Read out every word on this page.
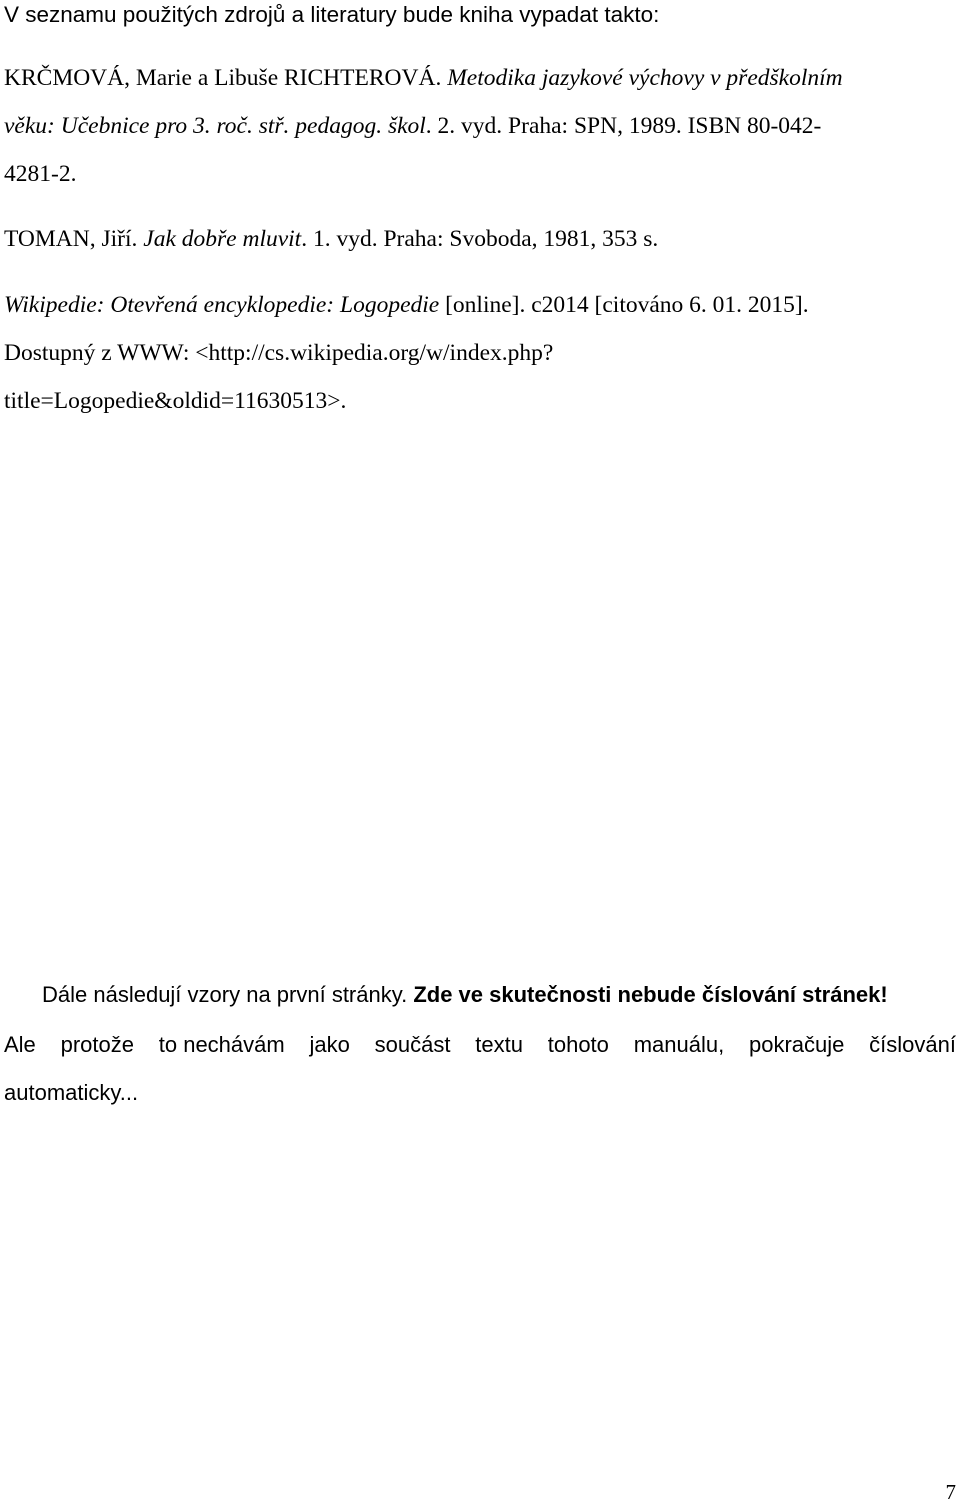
V seznamu použitých zdrojů a literatury bude kniha vypadat takto:
KRČMOVÁ, Marie a Libuše RICHTEROVÁ. Metodika jazykové výchovy v předškolním
věku: Učebnice pro 3. roč. stř. pedagog. škol. 2. vyd. Praha: SPN, 1989. ISBN 80-042-
4281-2.
TOMAN, Jiří. Jak dobře mluvit. 1. vyd. Praha: Svoboda, 1981, 353 s.
Wikipedie: Otevřená encyklopedie: Logopedie [online]. c2014 [citováno 6. 01. 2015].
Dostupný z WWW: <http://cs.wikipedia.org/w/index.php?
title=Logopedie&oldid=11630513>.
Dále následují vzory na první stránky. Zde ve skutečnosti nebude číslování stránek!
Ale protože to nechávám jako součást textu tohoto manuálu, pokračuje číslování
automaticky...
7
